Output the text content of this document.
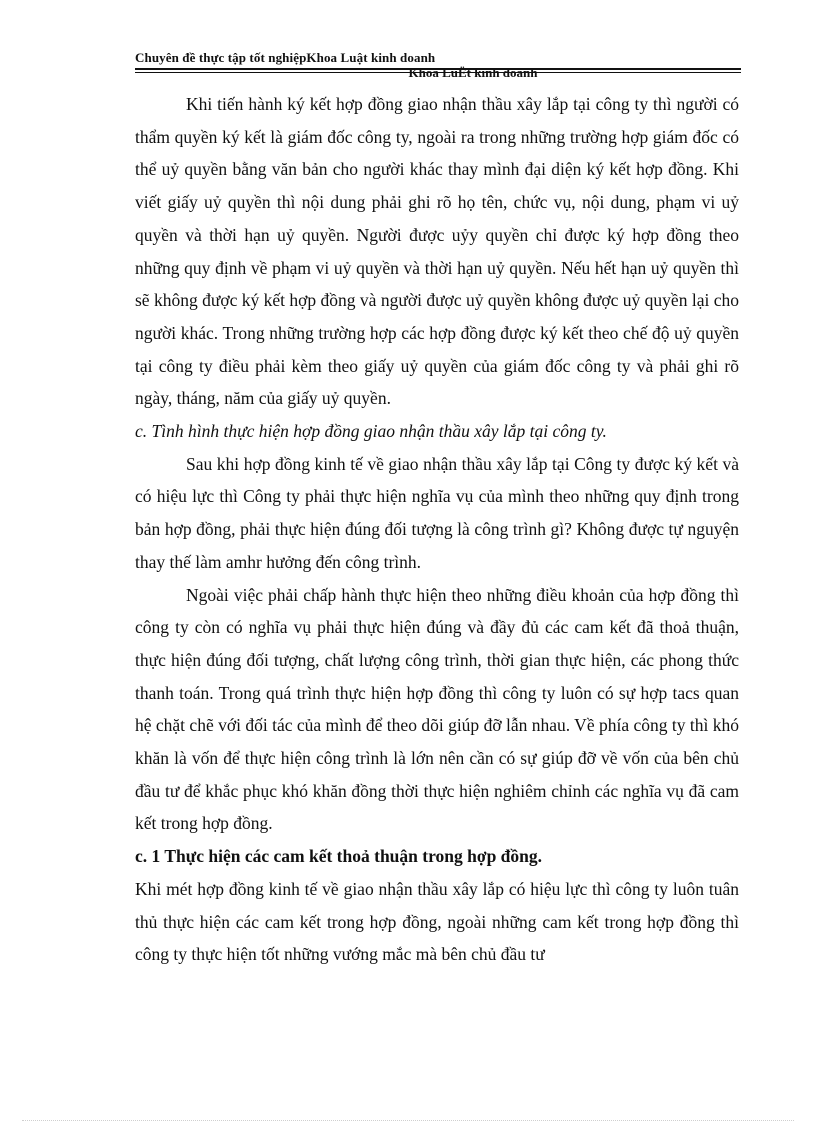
Chuyên đề thực tập tốt nghiệpKhoa Luật kinh doanh
Khoa LuËt kinh doanh

Khi tiến hành ký kết hợp đồng giao nhận thầu xây lắp tại công ty thì người có thẩm quyền ký kết là giám đốc công ty, ngoài ra trong những trường hợp giám đốc có thể uỷ quyền bằng văn bản cho người khác thay mình đại diện ký kết hợp đồng. Khi viết giấy uỷ quyền thì nội dung phải ghi rõ họ tên, chức vụ, nội dung, phạm vi uỷ quyền và thời hạn uỷ quyền. Người được uỷy quyền chỉ được ký hợp đồng theo những quy định về phạm vi uỷ quyền và thời hạn uỷ quyền. Nếu hết hạn uỷ quyền thì sẽ không được ký kết hợp đồng và người được uỷ quyền không được uỷ quyền lại cho người khác. Trong những trường hợp các hợp đồng được ký kết theo chế độ uỷ quyền tại công ty điều phải kèm theo giấy uỷ quyền của giám đốc công ty và phải ghi rõ ngày, tháng, năm của giấy uỷ quyền.

c. Tình hình thực hiện hợp đồng giao nhận thầu xây lắp tại công ty.

Sau khi hợp đồng kinh tế về giao nhận thầu xây lắp tại Công ty được ký kết và có hiệu lực thì Công ty phải thực hiện nghĩa vụ của mình theo những quy định trong bản hợp đồng, phải thực hiện đúng đối tượng là công trình gì? Không được tự nguyện thay thế làm amhr hưởng đến công trình.

Ngoài việc phải chấp hành thực hiện theo những điều khoản của hợp đồng thì công ty còn có nghĩa vụ phải thực hiện đúng và đầy đủ các cam kết đã thoả thuận, thực hiện đúng đối tượng, chất lượng công trình, thời gian thực hiện, các phong thức thanh toán. Trong quá trình thực hiện hợp đồng thì công ty luôn có sự hợp tacs quan hệ chặt chẽ với đối tác của mình để theo dõi giúp đỡ lẫn nhau. Về phía công ty thì khó khăn là vốn để thực hiện công trình là lớn nên cần có sự giúp đỡ về vốn của bên chủ đầu tư để khắc phục khó khăn đồng thời thực hiện nghiêm chỉnh các nghĩa vụ đã cam kết trong hợp đồng.

c. 1 Thực hiện các cam kết thoả thuận trong hợp đồng.

Khi mét hợp đồng kinh tế về giao nhận thầu xây lắp có hiệu lực thì công ty luôn tuân thủ thực hiện các cam kết trong hợp đồng, ngoài những cam kết trong hợp đồng thì công ty thực hiện tốt những vướng mắc mà bên chủ đầu tư
